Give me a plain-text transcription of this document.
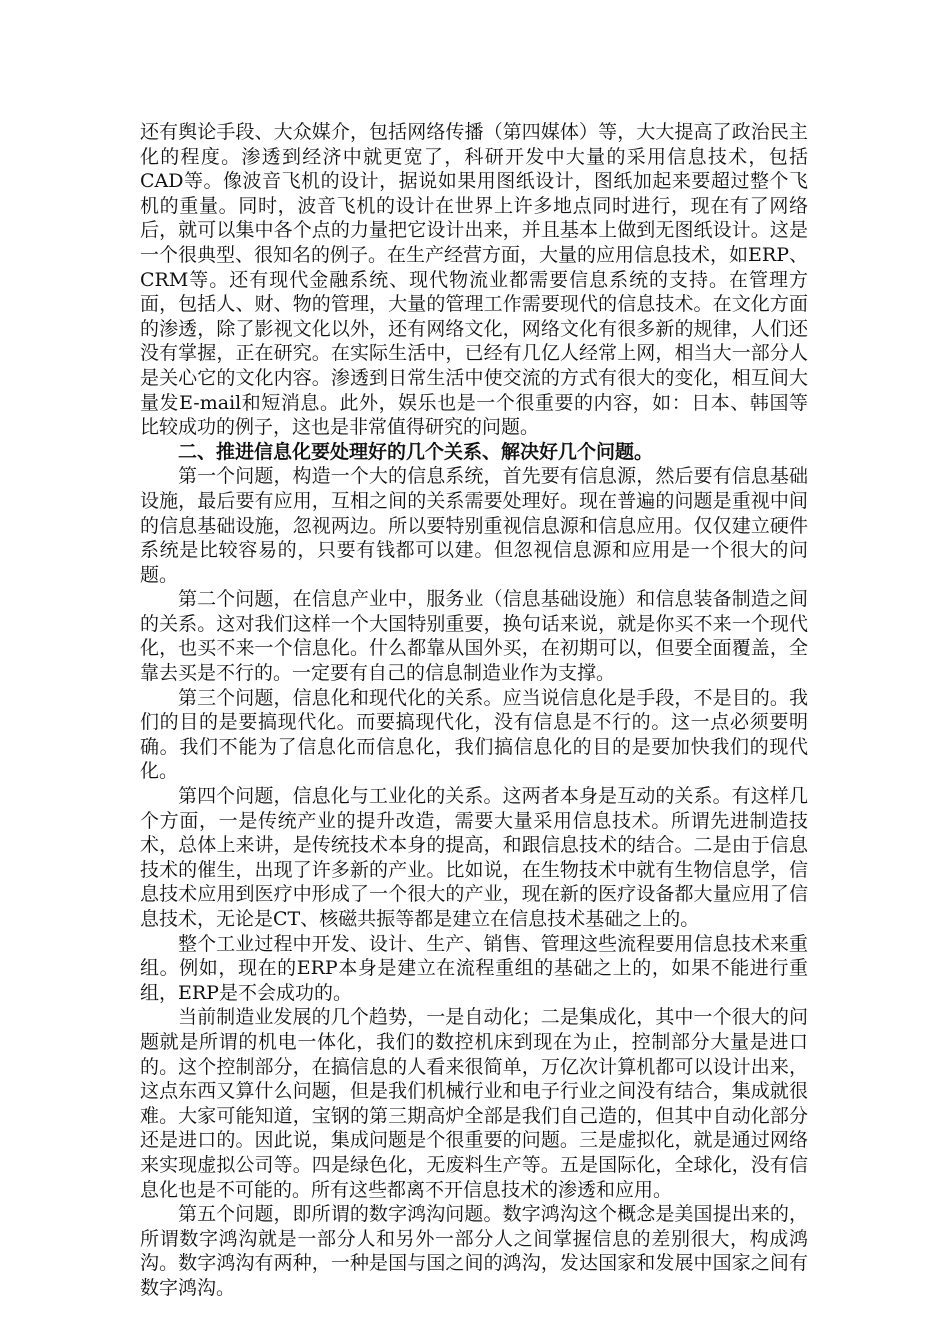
还有舆论手段、大众媒介，包括网络传播（第四媒体）等，大大提高了政治民主化的程度。渗透到经济中就更宽了，科研开发中大量的采用信息技术，包括CAD等。像波音飞机的设计，据说如果用图纸设计，图纸加起来要超过整个飞机的重量。同时，波音飞机的设计在世界上许多地点同时进行，现在有了网络后，就可以集中各个点的力量把它设计出来，并且基本上做到无图纸设计。这是一个很典型、很知名的例子。在生产经营方面，大量的应用信息技术，如ERP、CRM等。还有现代金融系统、现代物流业都需要信息系统的支持。在管理方面，包括人、财、物的管理，大量的管理工作需要现代的信息技术。在文化方面的渗透，除了影视文化以外，还有网络文化，网络文化有很多新的规律，人们还没有掌握，正在研究。在实际生活中，已经有几亿人经常上网，相当大一部分人是关心它的文化内容。渗透到日常生活中使交流的方式有很大的变化，相互间大量发E-mail和短消息。此外，娱乐也是一个很重要的内容，如：日本、韩国等比较成功的例子，这也是非常值得研究的问题。

二、推进信息化要处理好的几个关系、解决好几个问题。

第一个问题，构造一个大的信息系统，首先要有信息源，然后要有信息基础设施，最后要有应用，互相之间的关系需要处理好。现在普遍的问题是重视中间的信息基础设施，忽视两边。所以要特别重视信息源和信息应用。仅仅建立硬件系统是比较容易的，只要有钱都可以建。但忽视信息源和应用是一个很大的问题。

第二个问题，在信息产业中，服务业（信息基础设施）和信息装备制造之间的关系。这对我们这样一个大国特别重要，换句话来说，就是你买不来一个现代化，也买不来一个信息化。什么都靠从国外买，在初期可以，但要全面覆盖，全靠去买是不行的。一定要有自己的信息制造业作为支撑。

第三个问题，信息化和现代化的关系。应当说信息化是手段，不是目的。我们的目的是要搞现代化。而要搞现代化，没有信息是不行的。这一点必须要明确。我们不能为了信息化而信息化，我们搞信息化的目的是要加快我们的现代化。

第四个问题，信息化与工业化的关系。这两者本身是互动的关系。有这样几个方面，一是传统产业的提升改造，需要大量采用信息技术。所谓先进制造技术，总体上来讲，是传统技术本身的提高，和跟信息技术的结合。二是由于信息技术的催生，出现了许多新的产业。比如说，在生物技术中就有生物信息学，信息技术应用到医疗中形成了一个很大的产业，现在新的医疗设备都大量应用了信息技术，无论是CT、核磁共振等都是建立在信息技术基础之上的。

整个工业过程中开发、设计、生产、销售、管理这些流程要用信息技术来重组。例如，现在的ERP本身是建立在流程重组的基础之上的，如果不能进行重组，ERP是不会成功的。

当前制造业发展的几个趋势，一是自动化；二是集成化，其中一个很大的问题就是所谓的机电一体化，我们的数控机床到现在为止，控制部分大量是进口的。这个控制部分，在搞信息的人看来很简单，万亿次计算机都可以设计出来，这点东西又算什么问题，但是我们机械行业和电子行业之间没有结合，集成就很难。大家可能知道，宝钢的第三期高炉全部是我们自己造的，但其中自动化部分还是进口的。因此说，集成问题是个很重要的问题。三是虚拟化，就是通过网络来实现虚拟公司等。四是绿色化，无废料生产等。五是国际化，全球化，没有信息化也是不可能的。所有这些都离不开信息技术的渗透和应用。

第五个问题，即所谓的数字鸿沟问题。数字鸿沟这个概念是美国提出来的，所谓数字鸿沟就是一部分人和另外一部分人之间掌握信息的差别很大，构成鸿沟。数字鸿沟有两种，一种是国与国之间的鸿沟，发达国家和发展中国家之间有数字鸿沟。
